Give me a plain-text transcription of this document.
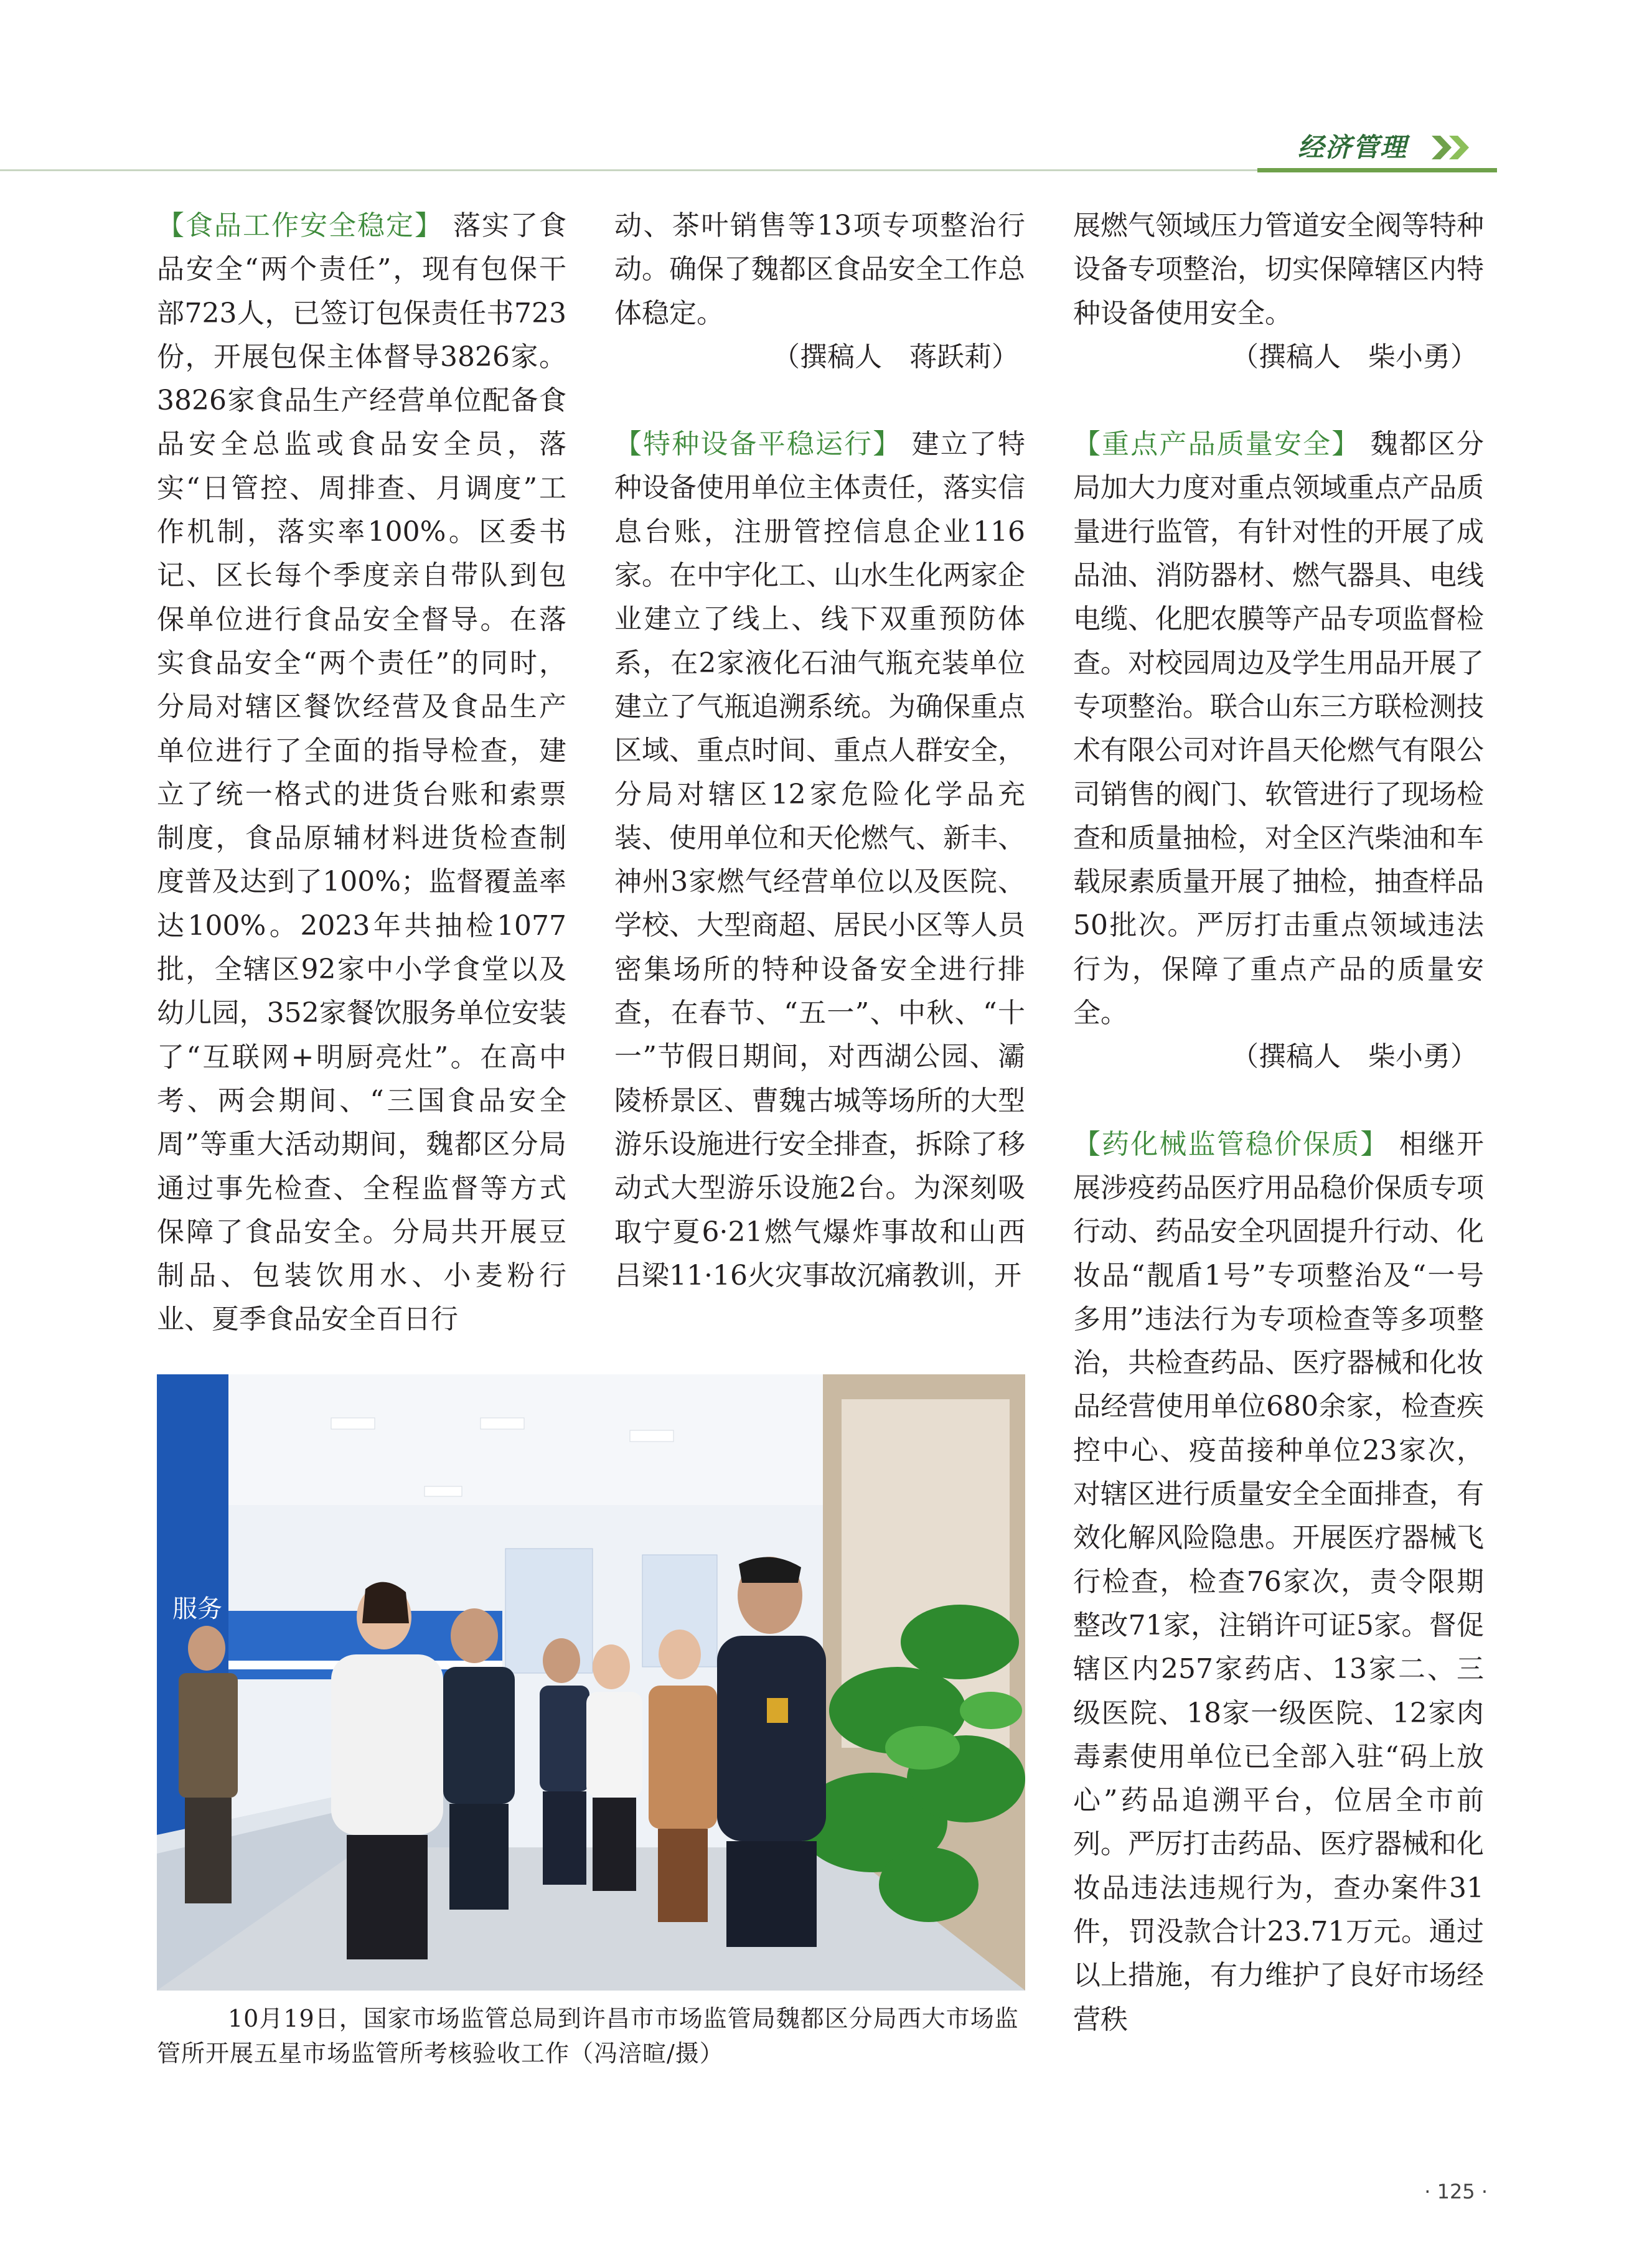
经济管理

【食品工作安全稳定】 落实了食品安全“两个责任”，现有包保干部723人，已签订包保责任书723份，开展包保主体督导3826家。3826家食品生产经营单位配备食品安全总监或食品安全员，落实“日管控、周排查、月调度”工作机制，落实率100%。区委书记、区长每个季度亲自带队到包保单位进行食品安全督导。在落实食品安全“两个责任”的同时，分局对辖区餐饮经营及食品生产单位进行了全面的指导检查，建立了统一格式的进货台账和索票制度，食品原辅材料进货检查制度普及达到了100%；监督覆盖率达100%。2023年共抽检1077批，全辖区92家中小学食堂以及幼儿园，352家餐饮服务单位安装了“互联网+明厨亮灶”。在高中考、两会期间、“三国食品安全周”等重大活动期间，魏都区分局通过事先检查、全程监督等方式保障了食品安全。分局共开展豆制品、包装饮用水、小麦粉行业、夏季食品安全百日行

动、茶叶销售等13项专项整治行动。确保了魏都区食品安全工作总体稳定。

（撰稿人　蒋跃莉）

【特种设备平稳运行】 建立了特种设备使用单位主体责任，落实信息台账，注册管控信息企业116家。在中宇化工、山水生化两家企业建立了线上、线下双重预防体系，在2家液化石油气瓶充装单位建立了气瓶追溯系统。为确保重点区域、重点时间、重点人群安全，分局对辖区12家危险化学品充装、使用单位和天伦燃气、新丰、神州3家燃气经营单位以及医院、学校、大型商超、居民小区等人员密集场所的特种设备安全进行排查，在春节、“五一”、中秋、“十一”节假日期间，对西湖公园、灞陵桥景区、曹魏古城等场所的大型游乐设施进行安全排查，拆除了移动式大型游乐设施2台。为深刻吸取宁夏6·21燃气爆炸事故和山西吕梁11·16火灾事故沉痛教训，开

展燃气领域压力管道安全阀等特种设备专项整治，切实保障辖区内特种设备使用安全。

（撰稿人　柴小勇）

【重点产品质量安全】 魏都区分局加大力度对重点领域重点产品质量进行监管，有针对性的开展了成品油、消防器材、燃气器具、电线电缆、化肥农膜等产品专项监督检查。对校园周边及学生用品开展了专项整治。联合山东三方联检测技术有限公司对许昌天伦燃气有限公司销售的阀门、软管进行了现场检查和质量抽检，对全区汽柴油和车载尿素质量开展了抽检，抽查样品50批次。严厉打击重点领域违法行为，保障了重点产品的质量安全。

（撰稿人　柴小勇）

【药化械监管稳价保质】 相继开展涉疫药品医疗用品稳价保质专项行动、药品安全巩固提升行动、化妆品“靓盾1号”专项整治及“一号多用”违法行为专项检查等多项整治，共检查药品、医疗器械和化妆品经营使用单位680余家，检查疾控中心、疫苗接种单位23家次，对辖区进行质量安全全面排查，有效化解风险隐患。开展医疗器械飞行检查，检查76家次，责令限期整改71家，注销许可证5家。督促辖区内257家药店、13家二、三级医院、18家一级医院、12家肉毒素使用单位已全部入驻“码上放心”药品追溯平台，位居全市前列。严厉打击药品、医疗器械和化妆品违法违规行为，查办案件31件，罚没款合计23.71万元。通过以上措施，有力维护了良好市场经营秩

服务
10月19日，国家市场监管总局到许昌市市场监管局魏都区分局西大市场监管所开展五星市场监管所考核验收工作（冯涪暄/摄）
· 125 ·
